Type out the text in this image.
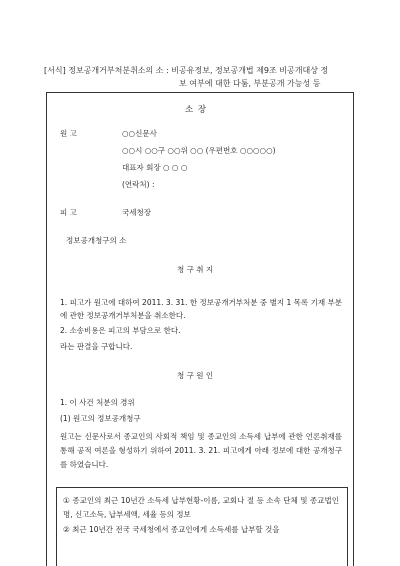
[서식] 정보공개거부처분취소의 소 : 비공유정보, 정보공개법 제9조 비공개대상 정
보 여부에 대한 다툼, 부분공개 가능성 등
소 장
원 고	○○신문사
○○시 ○○구 ○○위 ○○ (우편번호 ○○○○○)
대표자 회장 ○ ○ ○
(연락처) :
피 고	국세청장
정보공개청구의 소
청 구 취 지
1. 피고가 원고에 대하여 2011. 3. 31. 한 정보공개거부처분 중 별지 1 목록 기재 부분에 관한 정보공개거부처분을 취소한다.
2. 소송비용은 피고의 부담으로 한다.
라는 판결을 구합니다.
청 구 원 인
1. 이 사건 처분의 경위
(1) 원고의 정보공개청구
원고는 신문사로서 종교인의 사회적 책임 및 종교인의 소득세 납부에 관한 언론취재를 통해 공적 여론을 형성하기 위하여 2011. 3. 21. 피고에게 아래 정보에 대한 공개청구를 하였습니다.
① 종교인의 최근 10년간 소득세 납부현황-이름, 교회나 절 등 소속 단체 및 종교법인명, 신고소득, 납부세액, 세율 등의 정보
② 최근 10년간 전국 국세청에서 종교인에게 소득세를 납부할 것을
